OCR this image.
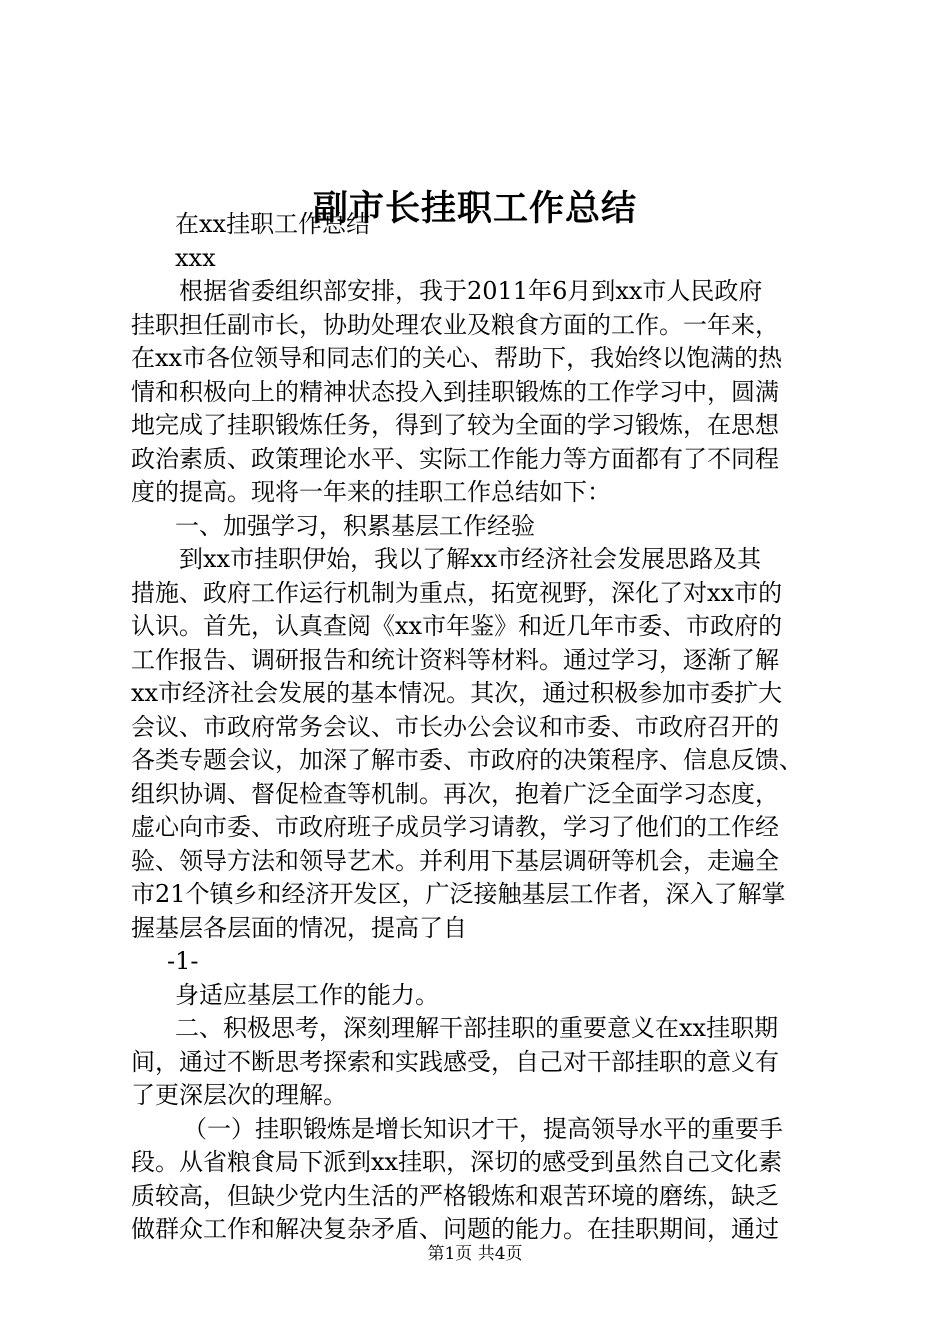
副市长挂职工作总结
在xx挂职工作总结
xxx
根据省委组织部安排，我于2011年6月到xx市人民政府
挂职担任副市长，协助处理农业及粮食方面的工作。一年来，
在xx市各位领导和同志们的关心、帮助下，我始终以饱满的热
情和积极向上的精神状态投入到挂职锻炼的工作学习中，圆满
地完成了挂职锻炼任务，得到了较为全面的学习锻炼，在思想
政治素质、政策理论水平、实际工作能力等方面都有了不同程
度的提高。现将一年来的挂职工作总结如下：
一、加强学习，积累基层工作经验
到xx市挂职伊始，我以了解xx市经济社会发展思路及其
措施、政府工作运行机制为重点，拓宽视野，深化了对xx市的
认识。首先，认真查阅《xx市年鉴》和近几年市委、市政府的
工作报告、调研报告和统计资料等材料。通过学习，逐渐了解
xx市经济社会发展的基本情况。其次，通过积极参加市委扩大
会议、市政府常务会议、市长办公会议和市委、市政府召开的
各类专题会议，加深了解市委、市政府的决策程序、信息反馈、
组织协调、督促检查等机制。再次，抱着广泛全面学习态度，
虚心向市委、市政府班子成员学习请教，学习了他们的工作经
验、领导方法和领导艺术。并利用下基层调研等机会，走遍全
市21个镇乡和经济开发区，广泛接触基层工作者，深入了解掌
握基层各层面的情况，提高了自
-1-
身适应基层工作的能力。
二、积极思考，深刻理解干部挂职的重要意义在xx挂职期
间，通过不断思考探索和实践感受，自己对干部挂职的意义有
了更深层次的理解。
（一）挂职锻炼是增长知识才干，提高领导水平的重要手
段。从省粮食局下派到xx挂职，深切的感受到虽然自己文化素
质较高，但缺少党内生活的严格锻炼和艰苦环境的磨练，缺乏
做群众工作和解决复杂矛盾、问题的能力。在挂职期间，通过
第1页 共4页
